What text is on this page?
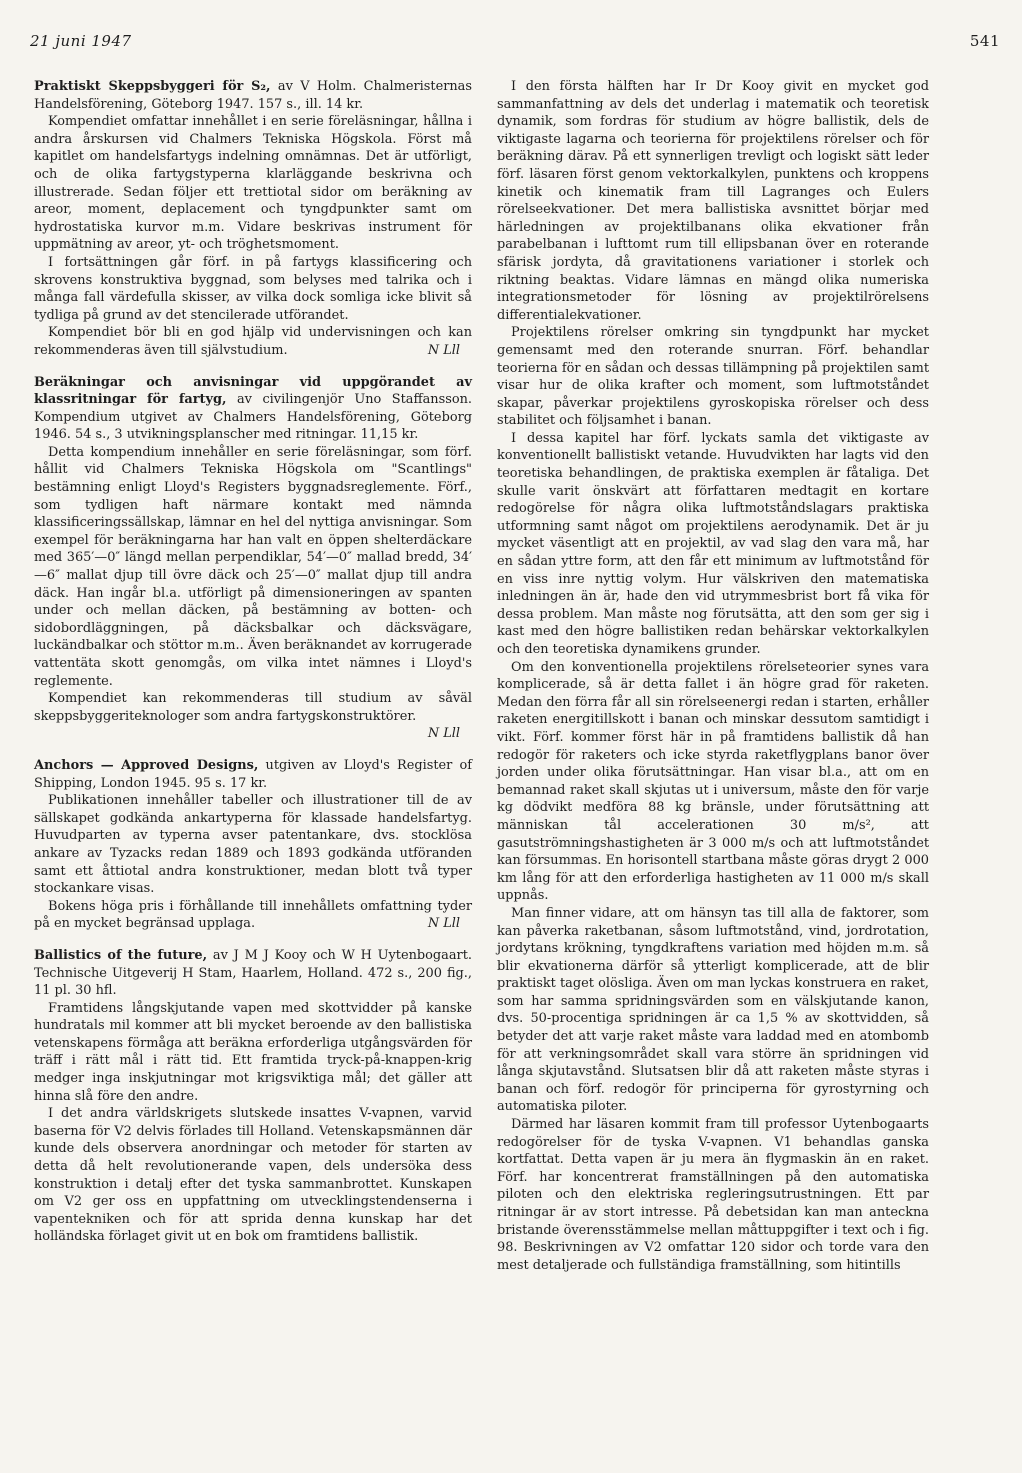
21 juni 1947	541

Praktiskt Skeppsbyggeri för S₂, av V Holm. Chalmeristernas Handelsförening, Göteborg 1947. 157 s., ill. 14 kr.

Kompendiet omfattar innehållet i en serie föreläsningar, hållna i andra årskursen vid Chalmers Tekniska Högskola. Först må kapitlet om handelsfartygs indelning omnämnas. Det är utförligt, och de olika fartygstyperna klarläggande beskrivna och illustrerade. Sedan följer ett trettiotal sidor om beräkning av areor, moment, deplacement och tyngdpunkter samt om hydrostatiska kurvor m.m. Vidare beskrivas instrument för uppmätning av areor, yt- och tröghetsmoment.

I fortsättningen går förf. in på fartygs klassificering och skrovens konstruktiva byggnad, som belyses med talrika och i många fall värdefulla skisser, av vilka dock somliga icke blivit så tydliga på grund av det stencilerade utförandet.

Kompendiet bör bli en god hjälp vid undervisningen och kan rekommenderas även till självstudium.	N Lll

Beräkningar och anvisningar vid uppgörandet av klassritningar för fartyg, av civilingenjör Uno Staffansson. Kompendium utgivet av Chalmers Handelsförening, Göteborg 1946. 54 s., 3 utvikningsplanscher med ritningar. 11,15 kr.

Detta kompendium innehåller en serie föreläsningar, som förf. hållit vid Chalmers Tekniska Högskola om "Scantlings" bestämning enligt Lloyd's Registers byggnadsreglemente. Förf., som tydligen haft närmare kontakt med nämnda klassificeringssällskap, lämnar en hel del nyttiga anvisningar. Som exempel för beräkningarna har han valt en öppen shelterdäckare med 365′—0″ längd mellan perpendiklar, 54′—0″ mallad bredd, 34′—6″ mallat djup till övre däck och 25′—0″ mallat djup till andra däck. Han ingår bl.a. utförligt på dimensioneringen av spanten under och mellan däcken, på bestämning av botten- och sidobordläggningen, på däcksbalkar och däcksvägare, luckändbalkar och stöttor m.m.. Även beräknandet av korrugerade vattentäta skott genomgås, om vilka intet nämnes i Lloyd's reglemente.

Kompendiet kan rekommenderas till studium av såväl skeppsbyggeriteknologer som andra fartygskonstruktörer.

N Lll

Anchors — Approved Designs, utgiven av Lloyd's Register of Shipping, London 1945. 95 s. 17 kr.

Publikationen innehåller tabeller och illustrationer till de av sällskapet godkända ankartyperna för klassade handelsfartyg. Huvudparten av typerna avser patentankare, dvs. stocklösa ankare av Tyzacks redan 1889 och 1893 godkända utföranden samt ett åttiotal andra konstruktioner, medan blott två typer stockankare visas.

Bokens höga pris i förhållande till innehållets omfattning tyder på en mycket begränsad upplaga.	N Lll

Ballistics of the future, av J M J Kooy och W H Uytenbogaart. Technische Uitgeverij H Stam, Haarlem, Holland. 472 s., 200 fig., 11 pl. 30 hfl.

Framtidens långskjutande vapen med skottvidder på kanske hundratals mil kommer att bli mycket beroende av den ballistiska vetenskapens förmåga att beräkna erforderliga utgångsvärden för träff i rätt mål i rätt tid. Ett framtida tryck-på-knappen-krig medger inga inskjutningar mot krigsviktiga mål; det gäller att hinna slå före den andre.

I det andra världskrigets slutskede insattes V-vapnen, varvid baserna för V2 delvis förlades till Holland. Vetenskapsmännen där kunde dels observera anordningar och metoder för starten av detta då helt revolutionerande vapen, dels undersöka dess konstruktion i detalj efter det tyska sammanbrottet. Kunskapen om V2 ger oss en uppfattning om utvecklingstendenserna i vapentekniken och för att sprida denna kunskap har det holländska förlaget givit ut en bok om framtidens ballistik.

I den första hälften har Ir Dr Kooy givit en mycket god sammanfattning av dels det underlag i matematik och teoretisk dynamik, som fordras för studium av högre ballistik, dels de viktigaste lagarna och teorierna för projektilens rörelser och för beräkning därav. På ett synnerligen trevligt och logiskt sätt leder förf. läsaren först genom vektorkalkylen, punktens och kroppens kinetik och kinematik fram till Lagranges och Eulers rörelseekvationer. Det mera ballistiska avsnittet börjar med härledningen av projektilbanans olika ekvationer från parabelbanan i lufttomt rum till ellipsbanan över en roterande sfärisk jordyta, då gravitationens variationer i storlek och riktning beaktas. Vidare lämnas en mängd olika numeriska integrationsmetoder för lösning av projektilrörelsens differentialekvationer.

Projektilens rörelser omkring sin tyngdpunkt har mycket gemensamt med den roterande snurran. Förf. behandlar teorierna för en sådan och dessas tillämpning på projektilen samt visar hur de olika krafter och moment, som luftmotståndet skapar, påverkar projektilens gyroskopiska rörelser och dess stabilitet och följsamhet i banan.

I dessa kapitel har förf. lyckats samla det viktigaste av konventionellt ballistiskt vetande. Huvudvikten har lagts vid den teoretiska behandlingen, de praktiska exemplen är fåtaliga. Det skulle varit önskvärt att författaren medtagit en kortare redogörelse för några olika luftmotståndslagars praktiska utformning samt något om projektilens aerodynamik. Det är ju mycket väsentligt att en projektil, av vad slag den vara må, har en sådan yttre form, att den får ett minimum av luftmotstånd för en viss inre nyttig volym. Hur välskriven den matematiska inledningen än är, hade den vid utrymmesbrist bort få vika för dessa problem. Man måste nog förutsätta, att den som ger sig i kast med den högre ballistiken redan behärskar vektorkalkylen och den teoretiska dynamikens grunder.

Om den konventionella projektilens rörelseteorier synes vara komplicerade, så är detta fallet i än högre grad för raketen. Medan den förra får all sin rörelseenergi redan i starten, erhåller raketen energitillskott i banan och minskar dessutom samtidigt i vikt. Förf. kommer först här in på framtidens ballistik då han redogör för raketers och icke styrda raketflygplans banor över jorden under olika förutsättningar. Han visar bl.a., att om en bemannad raket skall skjutas ut i universum, måste den för varje kg dödvikt medföra 88 kg bränsle, under förutsättning att människan tål accelerationen 30 m/s², att gasutströmningshastigheten är 3 000 m/s och att luftmotståndet kan försummas. En horisontell startbana måste göras drygt 2 000 km lång för att den erforderliga hastigheten av 11 000 m/s skall uppnås.

Man finner vidare, att om hänsyn tas till alla de faktorer, som kan påverka raketbanan, såsom luftmotstånd, vind, jordrotation, jordytans krökning, tyngdkraftens variation med höjden m.m. så blir ekvationerna därför så ytterligt komplicerade, att de blir praktiskt taget olösliga. Även om man lyckas konstruera en raket, som har samma spridningsvärden som en välskjutande kanon, dvs. 50-procentiga spridningen är ca 1,5 % av skottvidden, så betyder det att varje raket måste vara laddad med en atombomb för att verkningsområdet skall vara större än spridningen vid långa skjutavstånd. Slutsatsen blir då att raketen måste styras i banan och förf. redogör för principerna för gyrostyrning och automatiska piloter.

Därmed har läsaren kommit fram till professor Uytenbogaarts redogörelser för de tyska V-vapnen. V1 behandlas ganska kortfattat. Detta vapen är ju mera än flygmaskin än en raket. Förf. har koncentrerat framställningen på den automatiska piloten och den elektriska regleringsutrustningen. Ett par ritningar är av stort intresse. På debetsidan kan man anteckna bristande överensstämmelse mellan måttuppgifter i text och i fig. 98. Beskrivningen av V2 omfattar 120 sidor och torde vara den mest detaljerade och fullständiga framställning, som hitintills
